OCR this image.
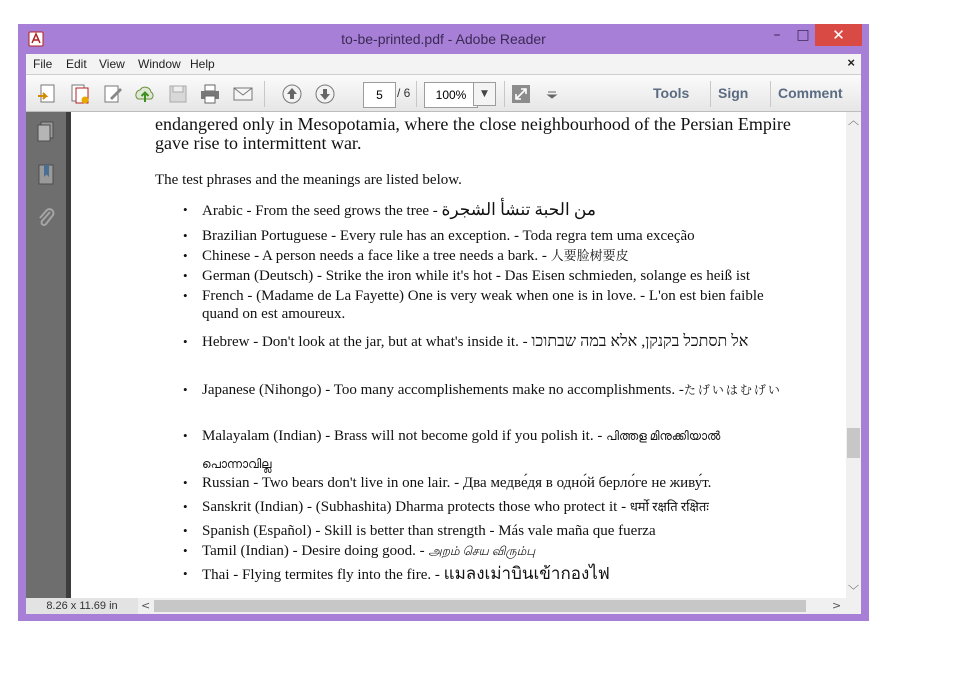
to-be-printed.pdf - Adobe Reader	–	□	✕
File Edit View Window Help	×
5
/ 6
100%	▼	Tools Sign Comment
endangered only in Mesopotamia, where the close neighbourhood of the Persian Empire gave rise to intermittent war.
The test phrases and the meanings are listed below.
• Arabic - From the seed grows the tree - من الحبة تنشأ الشجرة
• Brazilian Portuguese - Every rule has an exception. - Toda regra tem uma exceção
• Chinese - A person needs a face like a tree needs a bark. - 人要脸树要皮
• German (Deutsch) - Strike the iron while it's hot - Das Eisen schmieden, solange es heiß ist
• French - (Madame de La Fayette) One is very weak when one is in love. - L'on est bien faible quand on est amoureux.
• Hebrew - Don't look at the jar, but at what's inside it. - אל תסתכל בקנקן, אלא במה שבתוכו
• Japanese (Nihongo) - Too many accomplishements make no accomplishments. -たげいはむげい
• Malayalam (Indian) - Brass will not become gold if you polish it. - പിത്തള മിനുക്കിയാൽ പൊന്നാവില്ല
• Russian - Two bears don't live in one lair. - Два медве́дя в одно́й берло́ге не живу́т.
• Sanskrit (Indian) - (Subhashita) Dharma protects those who protect it - धर्मो रक्षति रक्षितः
• Spanish (Español) - Skill is better than strength - Más vale maña que fuerza
• Tamil (Indian) - Desire doing good. - அறம் செய விரும்பு
• Thai - Flying termites fly into the fire. - แมลงเม่าบินเข้ากองไฟ
︿
﹀
8.26 x 11.69 in	<	>
